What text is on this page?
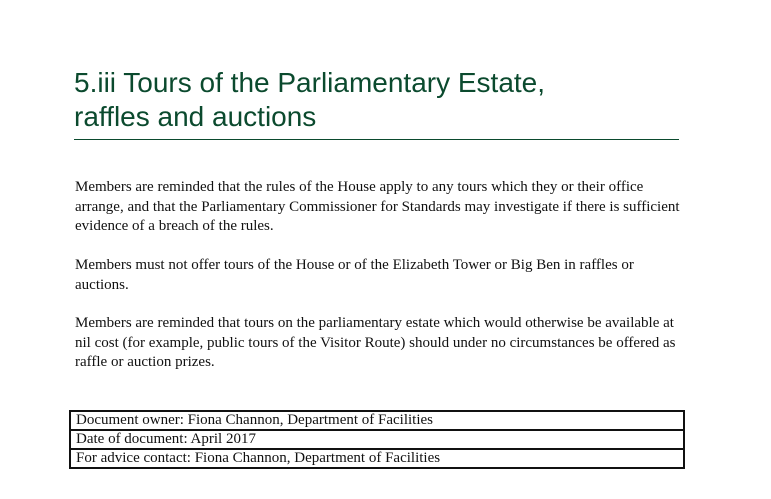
5.iii Tours of the Parliamentary Estate,
raffles and auctions

Members are reminded that the rules of the House apply to any tours which they or their office arrange, and that the Parliamentary Commissioner for Standards may investigate if there is sufficient evidence of a breach of the rules.

Members must not offer tours of the House or of the Elizabeth Tower or Big Ben in raffles or auctions.

Members are reminded that tours on the parliamentary estate which would otherwise be available at nil cost (for example, public tours of the Visitor Route) should under no circumstances be offered as raffle or auction prizes.

Document owner: Fiona Channon, Department of Facilities
Date of document: April 2017
For advice contact: Fiona Channon, Department of Facilities
